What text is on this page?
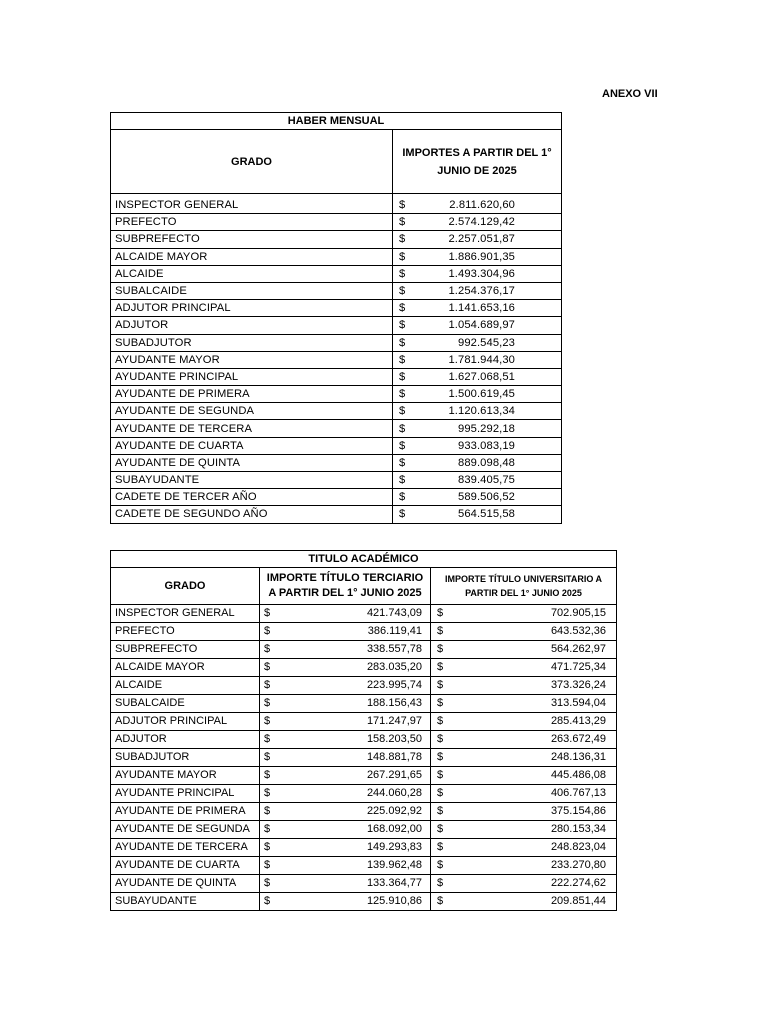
ANEXO VII
HABER MENSUAL	
GRADO	IMPORTES A PARTIR DEL 1° JUNIO DE 2025
INSPECTOR GENERAL	$ 2.811.620,60

PREFECTO	$ 2.574.129,42

SUBPREFECTO	$ 2.257.051,87

ALCAIDE MAYOR	$ 1.886.901,35

ALCAIDE	$ 1.493.304,96

SUBALCAIDE	$ 1.254.376,17

ADJUTOR PRINCIPAL	$ 1.141.653,16

ADJUTOR	$ 1.054.689,97

SUBADJUTOR	$ 992.545,23

AYUDANTE MAYOR	$ 1.781.944,30

AYUDANTE PRINCIPAL	$ 1.627.068,51

AYUDANTE DE PRIMERA	$ 1.500.619,45

AYUDANTE DE SEGUNDA	$ 1.120.613,34

AYUDANTE DE TERCERA	$ 995.292,18

AYUDANTE DE CUARTA	$ 933.083,19

AYUDANTE DE QUINTA	$ 889.098,48

SUBAYUDANTE	$ 839.405,75

CADETE DE TERCER AÑO	$ 589.506,52

CADETE DE SEGUNDO AÑO	$ 564.515,58
TITULO ACADÉMICO		
GRADO	IMPORTE TÍTULO TERCIARIO A PARTIR DEL 1° JUNIO 2025	IMPORTE TÍTULO UNIVERSITARIO A PARTIR DEL 1° JUNIO 2025
INSPECTOR GENERAL	$ 421.743,09	$ 702.905,15

PREFECTO	$ 386.119,41	$ 643.532,36

SUBPREFECTO	$ 338.557,78	$ 564.262,97

ALCAIDE MAYOR	$ 283.035,20	$ 471.725,34

ALCAIDE	$ 223.995,74	$ 373.326,24

SUBALCAIDE	$ 188.156,43	$ 313.594,04

ADJUTOR PRINCIPAL	$ 171.247,97	$ 285.413,29

ADJUTOR	$ 158.203,50	$ 263.672,49

SUBADJUTOR	$ 148.881,78	$ 248.136,31

AYUDANTE MAYOR	$ 267.291,65	$ 445.486,08

AYUDANTE PRINCIPAL	$ 244.060,28	$ 406.767,13

AYUDANTE DE PRIMERA	$ 225.092,92	$ 375.154,86

AYUDANTE DE SEGUNDA	$ 168.092,00	$ 280.153,34

AYUDANTE DE TERCERA	$ 149.293,83	$ 248.823,04

AYUDANTE DE CUARTA	$ 139.962,48	$ 233.270,80

AYUDANTE DE QUINTA	$ 133.364,77	$ 222.274,62

SUBAYUDANTE	$ 125.910,86	$ 209.851,44
